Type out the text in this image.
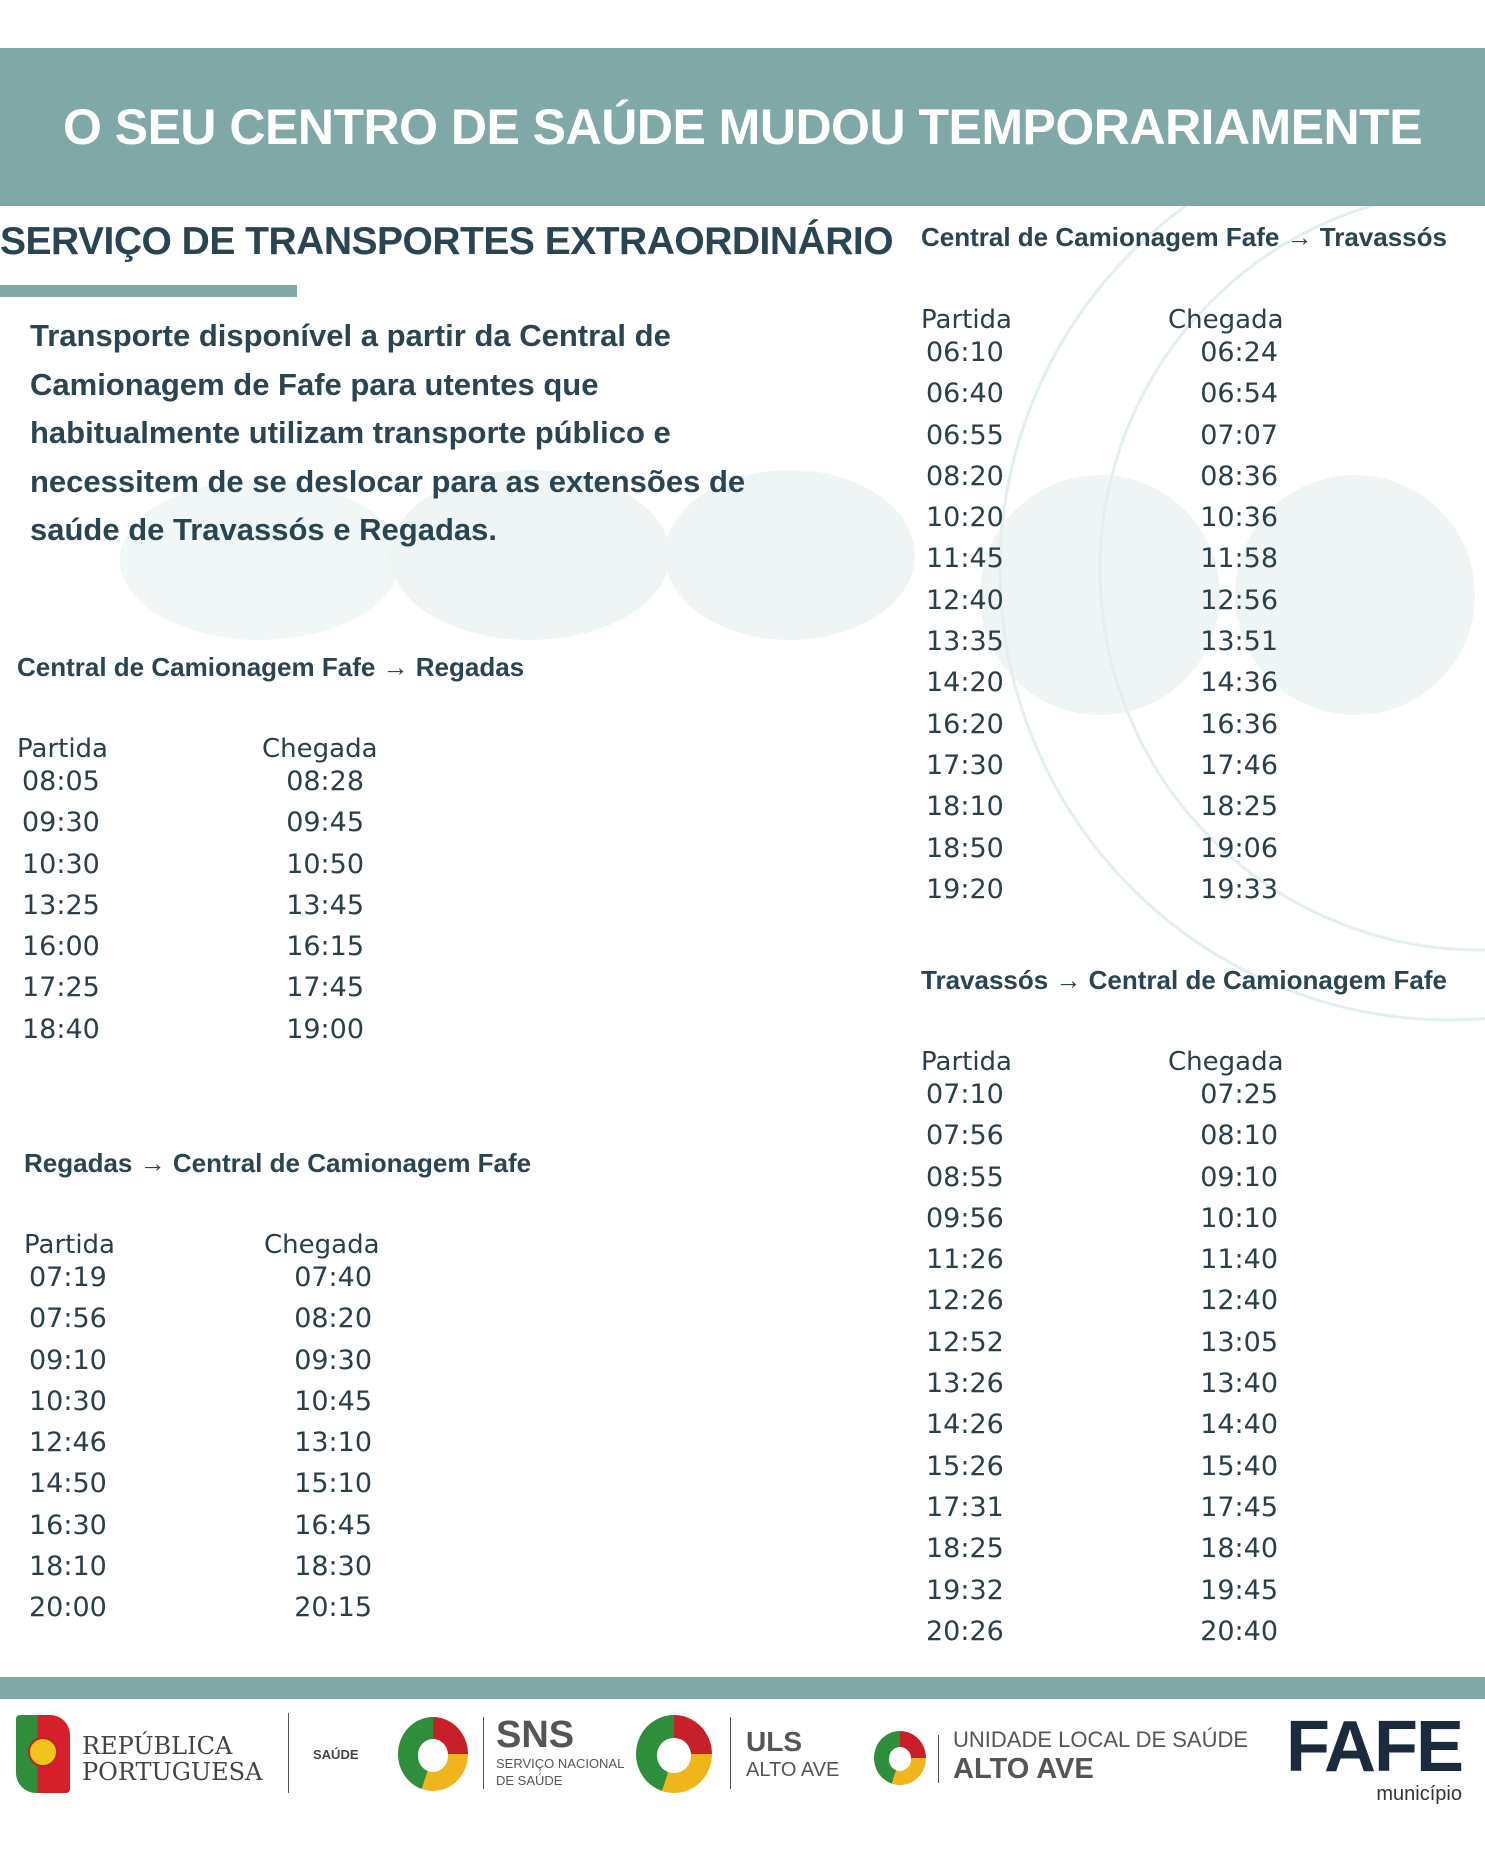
O SEU CENTRO DE SAÚDE MUDOU TEMPORARIAMENTE
SERVIÇO DE TRANSPORTES EXTRAORDINÁRIO
Transporte disponível a partir da Central de Camionagem de Fafe para utentes que habitualmente utilizam transporte público e necessitem de se deslocar para as extensões de saúde de Travassós e Regadas.
Central de Camionagem Fafe → Regadas
Partida	Chegada
08:05	08:28
09:30	09:45
10:30	10:50
13:25	13:45
16:00	16:15
17:25	17:45
18:40	19:00
Regadas → Central de Camionagem Fafe
Partida	Chegada
07:19	07:40
07:56	08:20
09:10	09:30
10:30	10:45
12:46	13:10
14:50	15:10
16:30	16:45
18:10	18:30
20:00	20:15
Central de Camionagem Fafe → Travassós
Partida	Chegada
06:10	06:24
06:40	06:54
06:55	07:07
08:20	08:36
10:20	10:36
11:45	11:58
12:40	12:56
13:35	13:51
14:20	14:36
16:20	16:36
17:30	17:46
18:10	18:25
18:50	19:06
19:20	19:33
Travassós → Central de Camionagem Fafe
Partida	Chegada
07:10	07:25
07:56	08:10
08:55	09:10
09:56	10:10
11:26	11:40
12:26	12:40
12:52	13:05
13:26	13:40
14:26	14:40
15:26	15:40
17:31	17:45
18:25	18:40
19:32	19:45
20:26	20:40
REPÚBLICA
PORTUGUESA
SAÚDE	SNS
SERVIÇO NACIONAL
DE SAÚDE
ULS
ALTO AVE
UNIDADE LOCAL DE SAÚDE
ALTO AVE	FAFE
município
